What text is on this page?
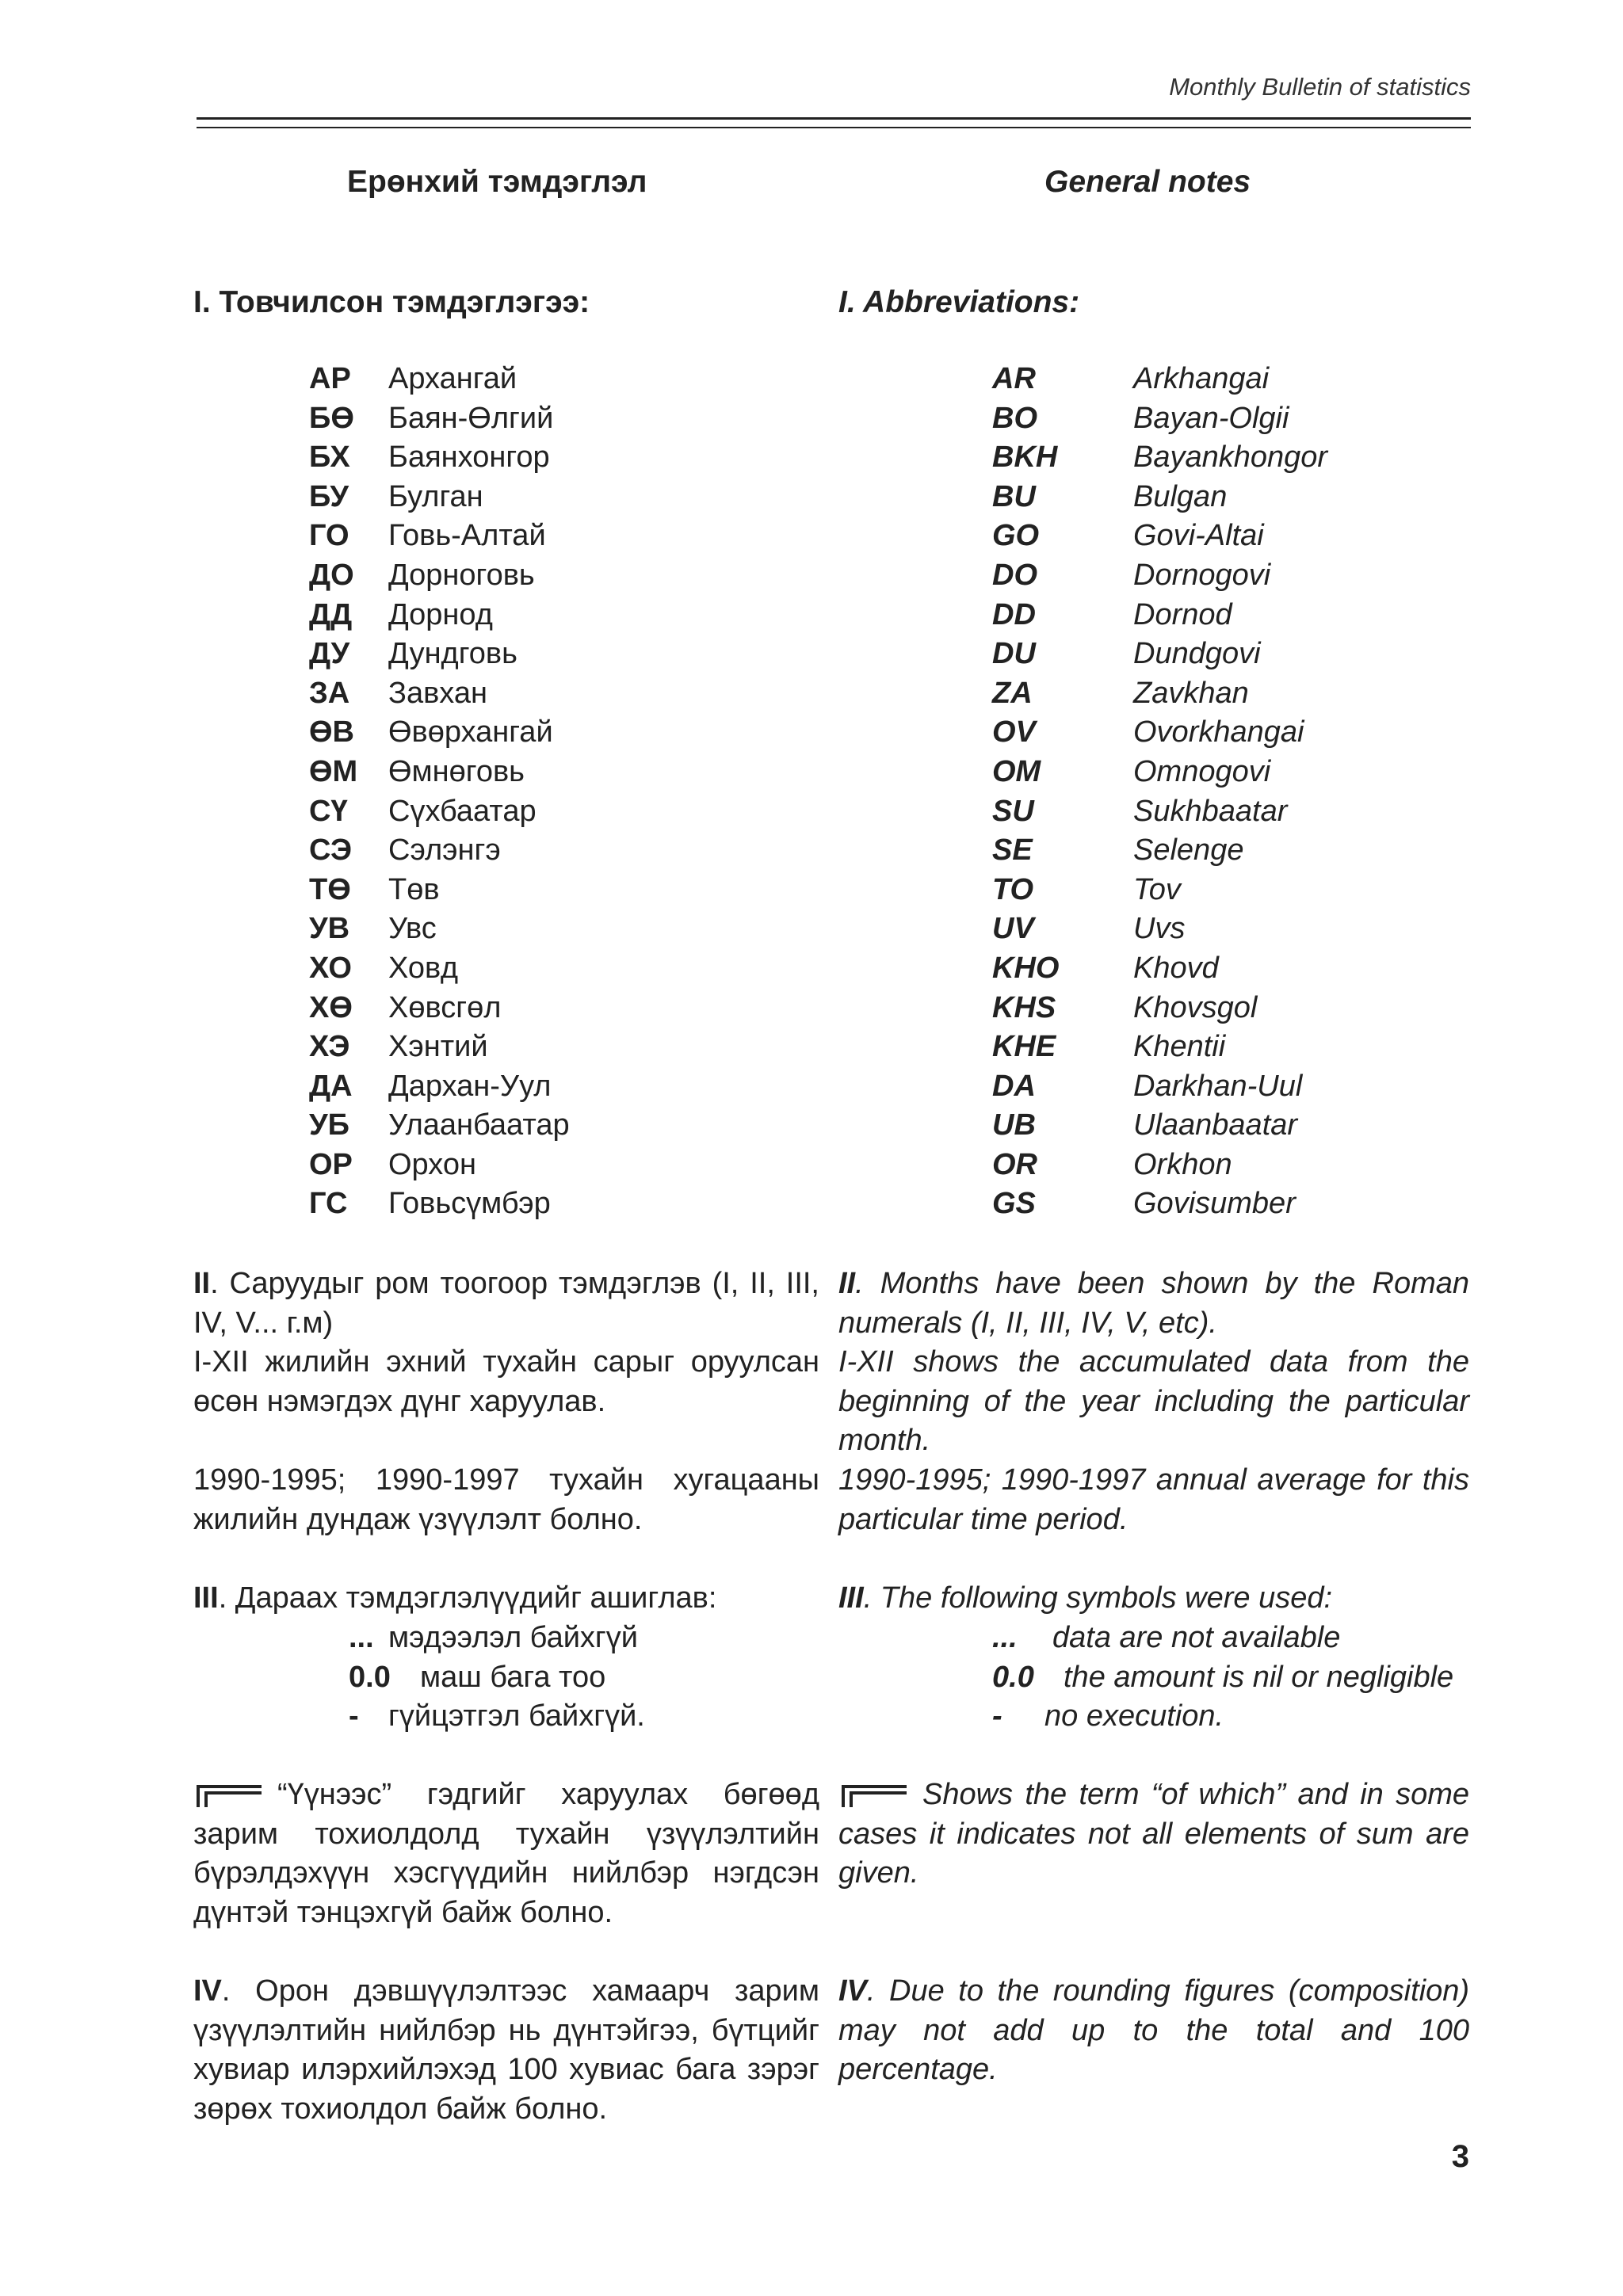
Monthly Bulletin of statistics
Ерөнхий тэмдэглэл	General notes
I. Товчилсон тэмдэглэгээ:	I. Abbreviations:
АР Архангай
БӨ Баян-Өлгий
БХ Баянхонгор
БУ Булган
ГО Говь-Алтай
ДО Дорноговь
ДД Дорнод
ДУ Дундговь
ЗА Завхан
ӨВ Өвөрхангай
ӨМ Өмнөговь
СҮ Сүхбаатар
СЭ Сэлэнгэ
ТӨ Төв
УВ Увс
ХО Ховд
ХӨ Хөвсгөл
ХЭ Хэнтий
ДА Дархан-Уул
УБ Улаанбаатар
ОР Орхон
ГС Говьсүмбэр
AR	Arkhangai
BO	Bayan-Olgii
BKH	Bayankhongor
BU	Bulgan
GO	Govi-Altai
DO	Dornogovi
DD	Dornod
DU	Dundgovi
ZA	Zavkhan
OV	Ovorkhangai
OM	Omnogovi
SU	Sukhbaatar
SE	Selenge
TO	Tov
UV	Uvs
KHO Khovd
KHS	Khovsgol
KHE	Khentii
DA	Darkhan-Uul
UB	Ulaanbaatar
OR	Orkhon
GS	Govisumber

II. Саруудыг ром тоогоор тэмдэглэв (I, II, III, IV, V... г.м)

I-XII жилийн эхний тухайн сарыг оруулсан өсөн нэмэгдэх дүнг харуулав.

1990-1995; 1990-1997 тухайн хугацааны жилийн дундаж үзүүлэлт болно.

II. Months have been shown by the Roman numerals (I, II, III, IV, V, etc).

I-XII shows the accumulated data from the beginning of the year including the particular month.

1990-1995; 1990-1997 annual average for this particular time period.

III. Дараах тэмдэглэлүүдийг ашиглав:	III. The following symbols were used:

... мэдээлэл байхгүй
0.0 маш бага тоо
- гүйцэтгэл байхгүй.
... data are not available
0.0 the amount is nil or negligible
- no execution.

“Үүнээс” гэдгийг харуулах бөгөөд зарим тохиолдолд тухайн үзүүлэлтийн бүрэлдэхүүн хэсгүүдийн нийлбэр нэгдсэн дүнтэй тэнцэхгүй байж болно.

Shows the term “of which” and in some cases it indicates not all elements of sum are given.

IV. Орон дэвшүүлэлтээс хамаарч зарим үзүүлэлтийн нийлбэр нь дүнтэйгээ, бүтцийг хувиар илэрхийлэхэд 100 хувиас бага зэрэг зөрөх тохиолдол байж болно.

IV. Due to the rounding figures (composition) may not add up to the total and 100 percentage.

3
